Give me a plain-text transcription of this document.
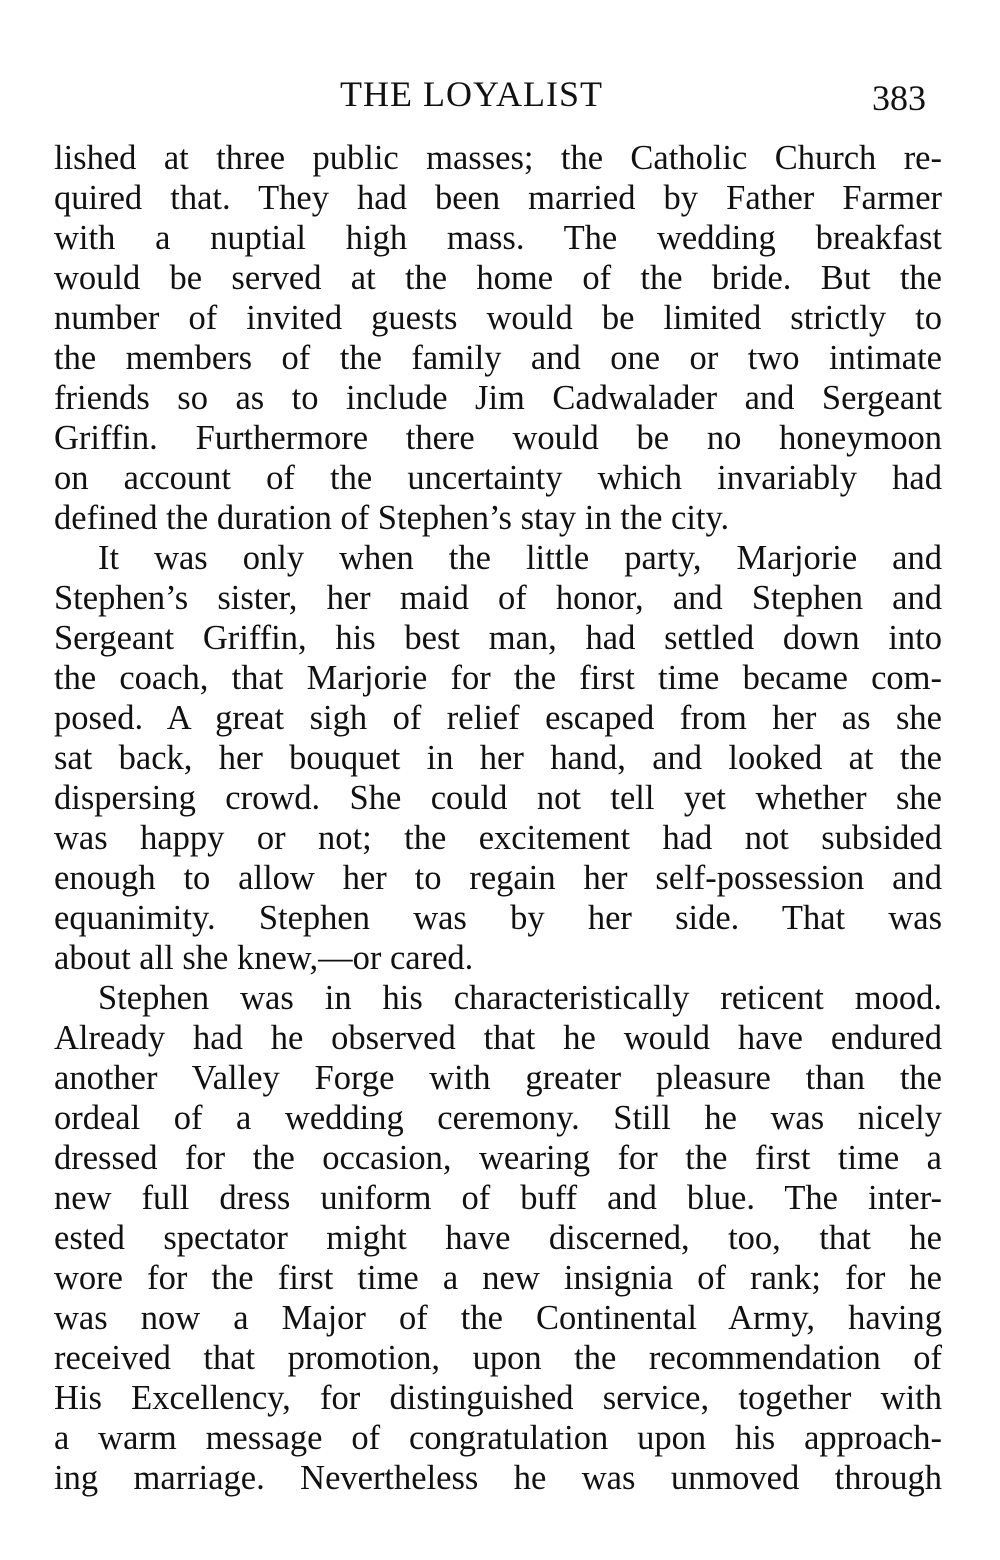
THE LOYALIST	383
lished at three public masses; the Catholic Church re-
quired that. They had been married by Father Farmer
with a nuptial high mass. The wedding breakfast
would be served at the home of the bride. But the
number of invited guests would be limited strictly to
the members of the family and one or two intimate
friends so as to include Jim Cadwalader and Sergeant
Griffin. Furthermore there would be no honeymoon
on account of the uncertainty which invariably had
defined the duration of Stephen’s stay in the city.
It was only when the little party, Marjorie and
Stephen’s sister, her maid of honor, and Stephen and
Sergeant Griffin, his best man, had settled down into
the coach, that Marjorie for the first time became com-
posed. A great sigh of relief escaped from her as she
sat back, her bouquet in her hand, and looked at the
dispersing crowd. She could not tell yet whether she
was happy or not; the excitement had not subsided
enough to allow her to regain her self-possession and
equanimity. Stephen was by her side. That was
about all she knew,—or cared.
Stephen was in his characteristically reticent mood.
Already had he observed that he would have endured
another Valley Forge with greater pleasure than the
ordeal of a wedding ceremony. Still he was nicely
dressed for the occasion, wearing for the first time a
new full dress uniform of buff and blue. The inter-
ested spectator might have discerned, too, that he
wore for the first time a new insignia of rank; for he
was now a Major of the Continental Army, having
received that promotion, upon the recommendation of
His Excellency, for distinguished service, together with
a warm message of congratulation upon his approach-
ing marriage. Nevertheless he was unmoved through
